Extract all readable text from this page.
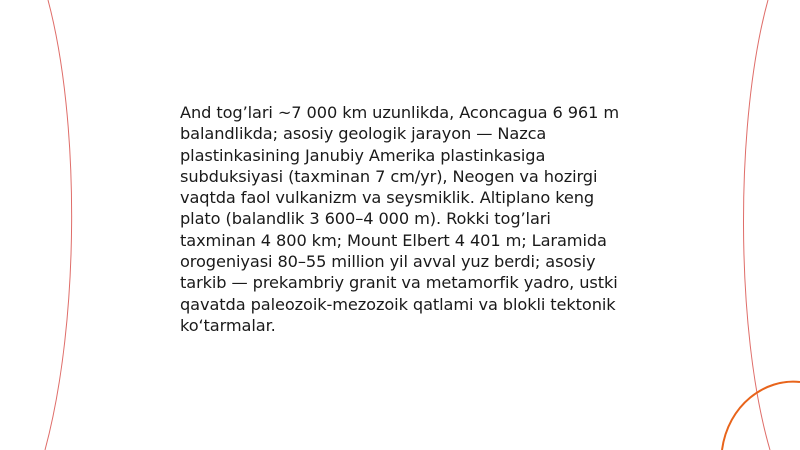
And tog’lari ~7 000 km uzunlikda, Aconcagua 6 961 m balandlikda; asosiy geologik jarayon — Nazca plastinkasining Janubiy Amerika plastinkasiga subduksiyasi (taxminan 7 cm/yr), Neogen va hozirgi vaqtda faol vulkanizm va seysmiklik. Altiplano keng plato (balandlik 3 600–4 000 m). Rokki tog’lari taxminan 4 800 km; Mount Elbert 4 401 m; Laramida orogeniyasi 80–55 million yil avval yuz berdi; asosiy tarkib — prekambriy granit va metamorfik yadro, ustki qavatda paleozoik-mezozoik qatlami va blokli tektonik ko‘tarmalar.
